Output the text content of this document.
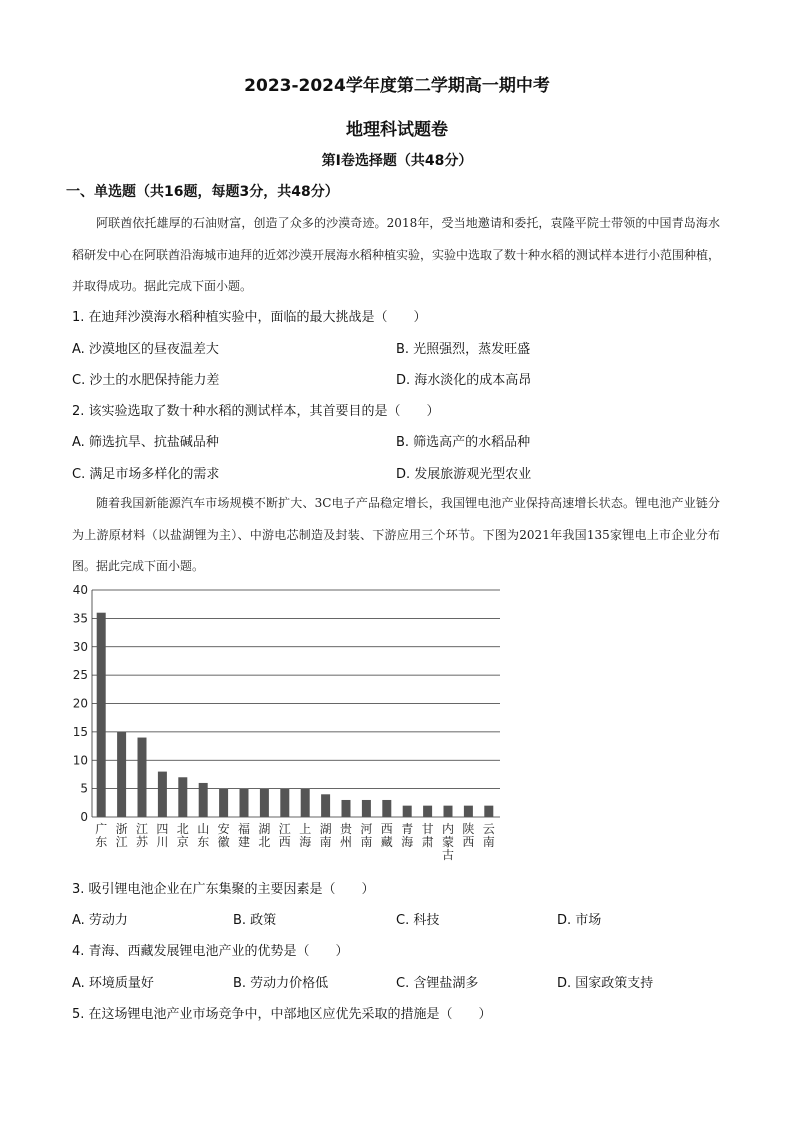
2023-2024学年度第二学期高一期中考
地理科试题卷
第Ⅰ卷选择题（共48分）
一、单选题（共16题，每题3分，共48分）
阿联酋依托雄厚的石油财富，创造了众多的沙漠奇迹。2018年，受当地邀请和委托，袁隆平院士带领的中国青岛海水稻研发中心在阿联酋沿海城市迪拜的近郊沙漠开展海水稻种植实验，实验中选取了数十种水稻的测试样本进行小范围种植，并取得成功。据此完成下面小题。
1. 在迪拜沙漠海水稻种植实验中，面临的最大挑战是（　　）
A. 沙漠地区的昼夜温差大	B. 光照强烈，蒸发旺盛
C. 沙土的水肥保持能力差	D. 海水淡化的成本高昂
2. 该实验选取了数十种水稻的测试样本，其首要目的是（　　）
A. 筛选抗旱、抗盐碱品种	B. 筛选高产的水稻品种
C. 满足市场多样化的需求	D. 发展旅游观光型农业
随着我国新能源汽车市场规模不断扩大、3C电子产品稳定增长，我国锂电池产业保持高速增长状态。锂电池产业链分为上游原材料（以盐湖锂为主）、中游电芯制造及封装、下游应用三个环节。下图为2021年我国135家锂电上市企业分布图。据此完成下面小题。
0
5
10
15
20
25
30
35
40
广东
浙江
江苏
四川
北京
山东
安徽
福建
湖北
江西
上海
湖南
贵州
河南
西藏
青海
甘肃
内蒙古
陕西
云南
3. 吸引锂电池企业在广东集聚的主要因素是（　　）
A. 劳动力	B. 政策	C. 科技	D. 市场
4. 青海、西藏发展锂电池产业的优势是（　　）
A. 环境质量好	B. 劳动力价格低	C. 含锂盐湖多	D. 国家政策支持
5. 在这场锂电池产业市场竞争中，中部地区应优先采取的措施是（　　）
